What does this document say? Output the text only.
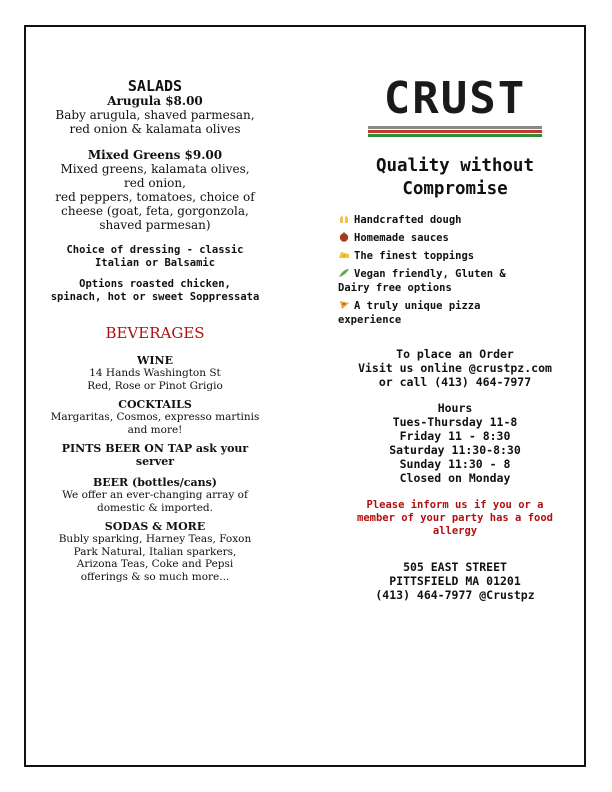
SALADS

Arugula $8.00

Baby arugula, shaved parmesan,

red onion & kalamata olives

Mixed Greens $9.00

Mixed greens, kalamata olives,

red onion,

red peppers, tomatoes, choice of

cheese (goat, feta, gorgonzola,

shaved parmesan)

Choice of dressing - classic

Italian or Balsamic

Options roasted chicken,

spinach, hot or sweet Soppressata

BEVERAGES

WINE

14 Hands Washington St

Red, Rose or Pinot Grigio

COCKTAILS

Margaritas, Cosmos, expresso martinis

and more!

PINTS BEER ON TAP ask your

server

BEER (bottles/cans)

We offer an ever-changing array of

domestic & imported.

SODAS & MORE

Bubly sparking, Harney Teas, Foxon

Park Natural, Italian sparkers,

Arizona Teas, Coke and Pepsi

offerings & so much more...

CRUST

Quality without

Compromise

Handcrafted dough

Homemade sauces

The finest toppings

Vegan friendly, Gluten &
Dairy free options

A truly unique pizza
experience

To place an Order

Visit us online @crustpz.com

or call (413) 464-7977

Hours

Tues-Thursday 11-8

Friday 11 - 8:30

Saturday 11:30-8:30

Sunday 11:30 - 8

Closed on Monday

Please inform us if you or a

member of your party has a food

allergy

505 EAST STREET

PITTSFIELD MA 01201

(413) 464-7977 @Crustpz
